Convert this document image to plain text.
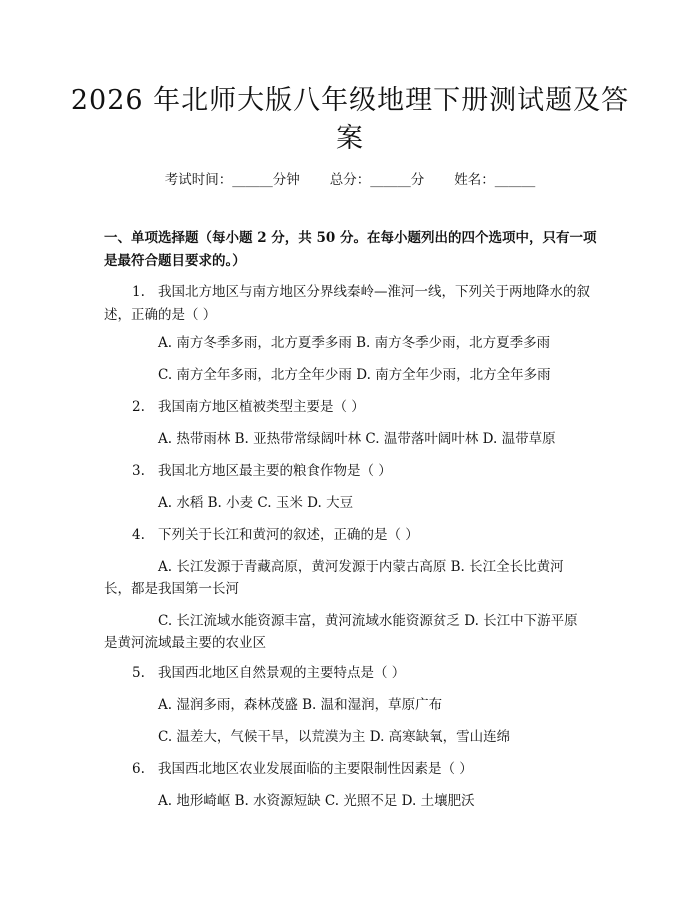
2026 年北师大版八年级地理下册测试题及答
案
考试时间：______分钟 总分：______分 姓名：______
一、单项选择题（每小题 2 分，共 50 分。在每小题列出的四个选项中，只有一项
是最符合题目要求的。）
1. 我国北方地区与南方地区分界线秦岭—淮河一线，下列关于两地降水的叙
述，正确的是（ ）
A. 南方冬季多雨，北方夏季多雨 B. 南方冬季少雨，北方夏季多雨
C. 南方全年多雨，北方全年少雨 D. 南方全年少雨，北方全年多雨
2. 我国南方地区植被类型主要是（ ）
A. 热带雨林 B. 亚热带常绿阔叶林 C. 温带落叶阔叶林 D. 温带草原
3. 我国北方地区最主要的粮食作物是（ ）
A. 水稻 B. 小麦 C. 玉米 D. 大豆
4. 下列关于长江和黄河的叙述，正确的是（ ）
A. 长江发源于青藏高原，黄河发源于内蒙古高原 B. 长江全长比黄河
长，都是我国第一长河
C. 长江流域水能资源丰富，黄河流域水能资源贫乏 D. 长江中下游平原
是黄河流域最主要的农业区
5. 我国西北地区自然景观的主要特点是（ ）
A. 湿润多雨，森林茂盛 B. 温和湿润，草原广布
C. 温差大，气候干旱，以荒漠为主 D. 高寒缺氧，雪山连绵
6. 我国西北地区农业发展面临的主要限制性因素是（ ）
A. 地形崎岖 B. 水资源短缺 C. 光照不足 D. 土壤肥沃
